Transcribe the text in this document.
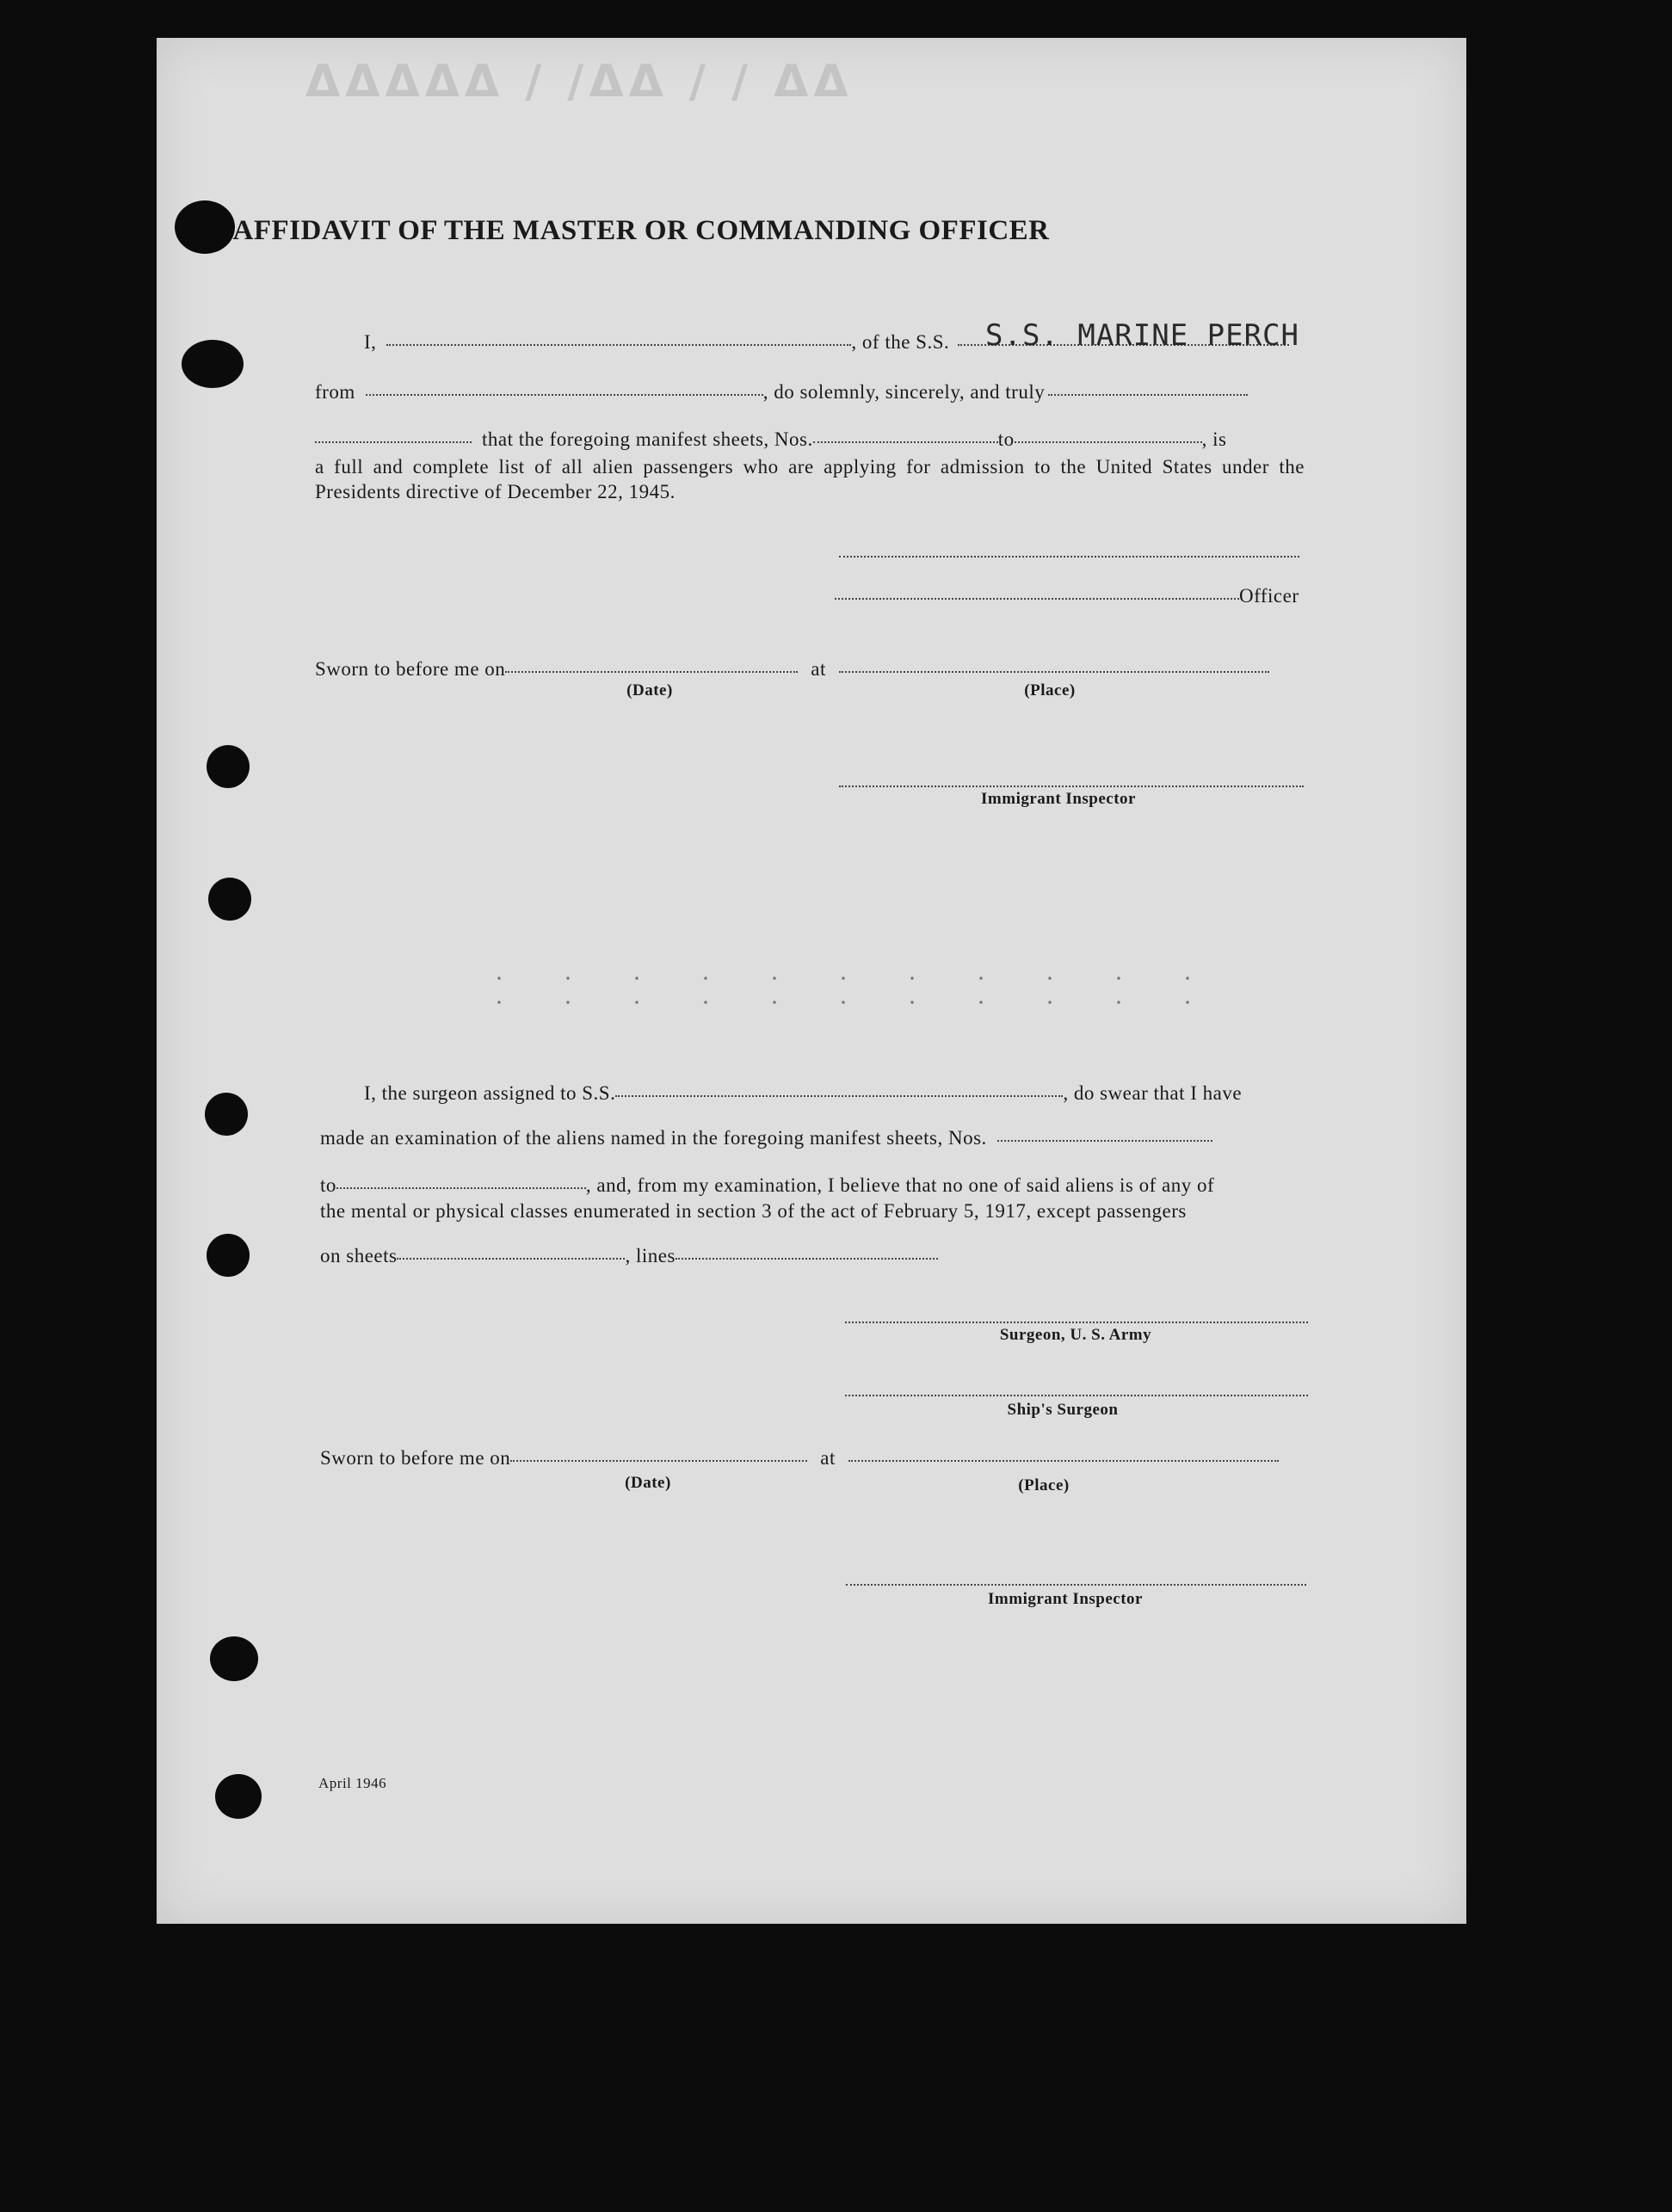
ΔΔΔΔΔ / /ΔΔ / / ΔΔ
AFFIDAVIT OF THE MASTER OR COMMANDING OFFICER
I,	, of the S.S. S.S. MARINE PERCH
from	, do solemnly, sincerely, and truly
that the foregoing manifest sheets, Nos.	to	, is
a full and complete list of all alien passengers who are applying for admission to the United States under the Presidents directive of December 22, 1945.
Officer
Sworn to before me on	at
(Date)	(Place)
Immigrant Inspector
I, the surgeon assigned to S.S.	, do swear that I have
made an examination of the aliens named in the foregoing manifest sheets, Nos.
to	, and, from my examination, I believe that no one of said aliens is of any of
the mental or physical classes enumerated in section 3 of the act of February 5, 1917, except passengers
on sheets	, lines
Surgeon, U. S. Army
Ship's Surgeon
Sworn to before me on	at
(Date)	(Place)
Immigrant Inspector
April 1946
